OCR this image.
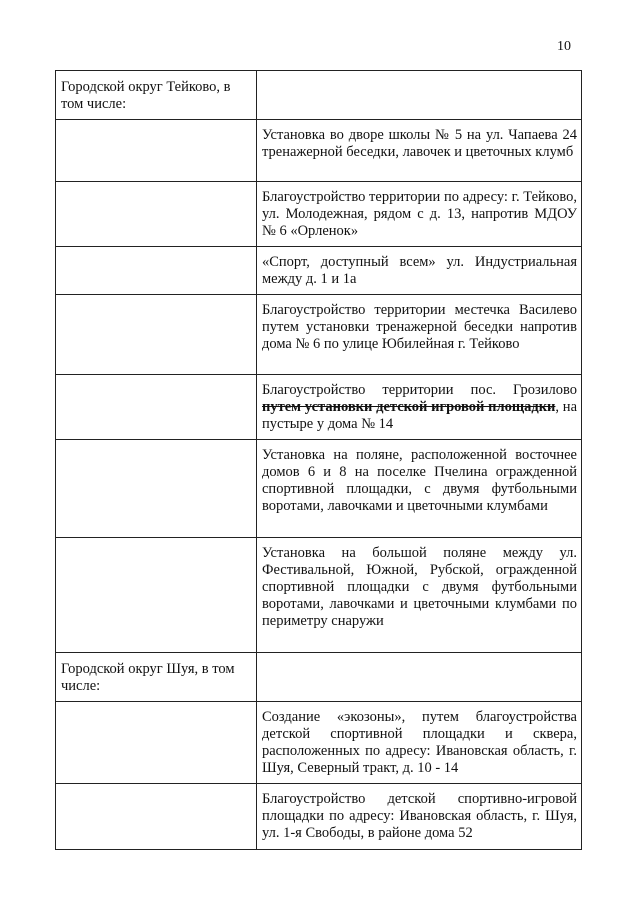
10
Городской округ Тейково, в том числе:	
	Установка во дворе школы № 5 на ул. Чапаева 24 тренажерной беседки, лавочек и цветочных клумб
	Благоустройство территории по адресу: г. Тейково, ул. Молодежная, рядом с д. 13, напротив МДОУ № 6 «Орленок»
	«Спорт, доступный всем» ул. Индустриальная между д. 1 и 1а
	Благоустройство территории местечка Василево путем установки тренажерной беседки напротив дома № 6 по улице Юбилейная г. Тейково
	Благоустройство территории пос. Грозилово путем установки детской игровой площадки, на пустыре у дома № 14
	Установка на поляне, расположенной восточнее домов 6 и 8 на поселке Пчелина огражденной спортивной площадки, с двумя футбольными воротами, лавочками и цветочными клумбами
	Установка на большой поляне между ул. Фестивальной, Южной, Рубской, огражденной спортивной площадки с двумя футбольными воротами, лавочками и цветочными клумбами по периметру снаружи
Городской округ Шуя, в том числе:	
	Создание «экозоны», путем благоустройства детской спортивной площадки и сквера, расположенных по адресу: Ивановская область, г. Шуя, Северный тракт, д. 10 - 14
	Благоустройство детской спортивно-игровой площадки по адресу: Ивановская область, г. Шуя, ул. 1-я Свободы, в районе дома 52
